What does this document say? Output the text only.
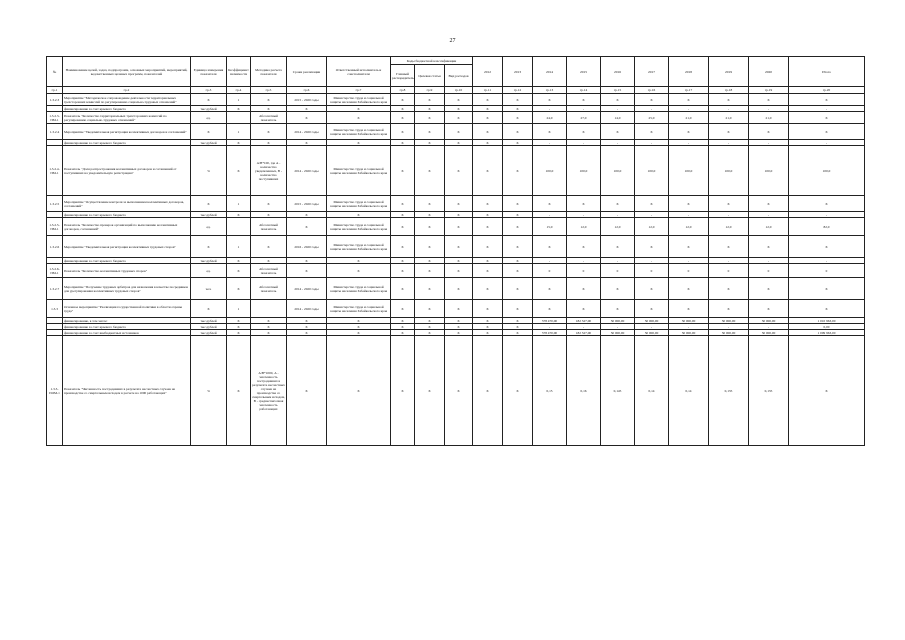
27
№	Наименование целей, задач, подпрограмм, основных мероприятий, мероприятий, ведомственных целевых программ, показателей	Единица измерения показателя	Коэффициент значимости	Методика расчета показателя	Сроки реализации	Ответственный исполнитель и соисполнители	Коды бюджетной классификации			2012	2013	2014	2015	2016	2017	2018	2019	2020	Итого
							Главный распорядитель	Целевая статья	Вид расходов										
гр.1	гр.2	гр.3	гр.4	гр.5	гр.6	гр.7	гр.8	гр.9	гр.10	гр.11	гр.12	гр.13	гр.14	гр.15	гр.16	гр.17	гр.18	гр.19	гр.20
1.3.2.3	Мероприятие "Методическое сопровождение деятельности территориальных трехсторонних комиссий по регулированию социально-трудовых отношений"	X	1	X	2015 - 2020 годы	Министерство труда и социальной защиты населения Забайкальского края	X	X	X	X	X	X	X	X	X	X	X	X	X
	финансирование за счет краевого бюджета	тыс.рублей	X	X	X	X	X	X	X	X	X	-	-	-	-	-	-	-	-
1.3.2.3-ПМ-1	Показатель "Количество территориальных трехсторонних комиссий по регулированию социально-трудовых отношений"	ед.		Абсолютный показатель	X	X	X	X	X	X	X	24,0	27,0	14,0	25,0	21,0	21,0	21,0	X
1.3.2.4	Мероприятие "Уведомительная регистрация коллективных договоров и соглашений"	X	1	X	2014 - 2020 годы	Министерство труда и социальной защиты населения Забайкальского края	X	X	X	X	X	X	X	X	X	X	X	X	X
	финансирование за счет краевого бюджета	тыс.рублей	X	X	X	X	X	X	X	X	X	-	-	-	-	-	-	-	-
1.3.2.4-ПМ-1	Показатель "Доля распространения коллективных договоров и соглашений от поступивших на уведомительную регистрацию"	%	X	А/В*100, где А - количество уведомленных, В - количество поступивших	2014 - 2020 годы	Министерство труда и социальной защиты населения Забайкальского края	X	X	X	X	X	100,0	100,0	100,0	100,0	100,0	100,0	100,0	100,0
1.3.2.5	Мероприятие "Осуществление контроля за выполнением коллективных договоров, соглашений"	X	1	X	2015 - 2020 годы	Министерство труда и социальной защиты населения Забайкальского края	X	X	X	X	X	X	X	X	X	X	X	X	X
	финансирование за счет краевого бюджета	тыс.рублей	X	X	X	X	X	X	X	X	X	-	-	-	-	-	-	-	-
1.3.2.5-ПМ-1	Показатель "Количество проверок организаций по выполнению коллективных договоров, соглашений"	ед.		Абсолютный показатель	X	Министерство труда и социальной защиты населения Забайкальского края	X	X	X	X	X	15,0	12,0	12,0	12,0	12,0	12,0	12,0	82,0
1.3.2.6	Мероприятие "Уведомительная регистрация коллективных трудовых споров"	X	1	X	2016 - 2020 годы	Министерство труда и социальной защиты населения Забайкальского края	X	X	X	X	X	X	X	X	X	X	X	X	X
	финансирование за счет краевого бюджета	тыс.рублей	X	X	X	X	X	X	X	X	X	-	-	-	-	-	-	-	-
1.3.2.6-ПМ-1	Показатель "Количество коллективных трудовых споров"	ед.	X	Абсолютный показатель	X	X	X	X	X	X	X	0	0	0	0	0	0	0	0
1.3.2.7	Мероприятие "Получение трудовых арбитров для назначения в качестве посредников для урегулирования коллективных трудовых споров"	чел.	X	Абсолютный показатель	2014 - 2020 годы	Министерство труда и социальной защиты населения Забайкальского края	X	X	X	X	X	X	X	X	X	X	X	X	X
1.3.3	Основное мероприятие "Реализация государственной политики в области охраны труда"	X	1		2014 - 2020 годы	Министерство труда и социальной защиты населения Забайкальского края	X	X	X	X	X	X	X	X	X	X	X	X	X
	финансирование, в том числе:	тыс.рублей	X	X	X	X	X	X	X	X	X	578 470,00	182 327,00	50 000,00	50 000,00	50 000,00	50 000,00	50 000,00	1 010 963,00
	финансирование за счет краевого бюджета	тыс.рублей	X	X	X	X	X	X	X	X	X	-	-	-	-	-	-	-	0,00
	финансирование за счет внебюджетных источников	тыс.рублей	X	X	X	X	X	X	X	X	X	578 470,00	182 327,00	50 000,00	50 000,00	50 000,00	50 000,00	50 000,00	1 009 963,00
1.3.3-ПОМ-1	Показатель "Численность пострадавших в результате несчастных случаев на производстве со смертельным исходом в расчете на 1000 работающих"	%	X	А/В*1000, А - численность пострадавших в результате несчастных случаев на производстве со смертельным исходом, В - среднесписочная численность работающих	X	X	X	X	X	X	X	0,15	0,16	0,145	0,14	0,14	0,135	0,135	X
